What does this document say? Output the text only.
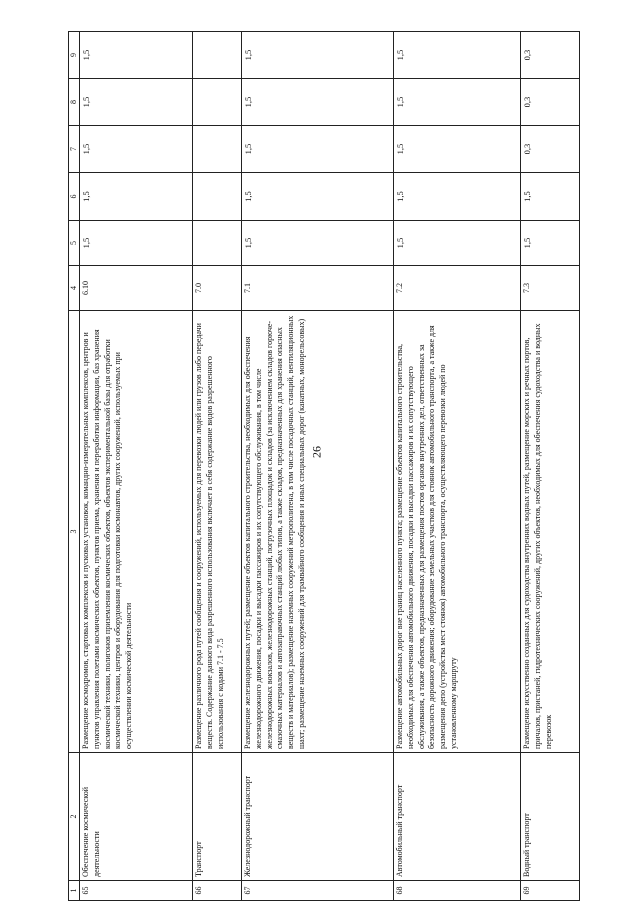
26
1	2	3	4	5	6	7	8	9
65	Обеспечение космической деятельности	Размещение космодромов, стартовых комплексов и пусковых установок, командно-измерительных комплексов, центров и пунктов управления полетами космических объектов, пунктов приема, хранения и переработки информации, баз хранения космической техники, полигонов приземления космических объектов, объектов экспериментальной базы для отработки космической техники, центров и оборудования для подготовки космонавтов, других сооружений, используемых при осуществлении космической деятельности	6.10	1,5	1,5	1,5	1,5	1,5
66	Транспорт	Размещение различного рода путей сообщения и сооружений, используемых для перевозки людей или грузов либо передачи веществ. Содержание данного вида разрешенного использования включает в себя содержание видов разрешенного использования с кодами 7.1 - 7.5	7.0					
67	Железнодорожный транспорт	Размещение железнодорожных путей; размещение объектов капитального строительства, необходимых для обеспечения железнодорожного движения, посадки и высадки пассажиров и их сопутствующего обслуживания, в том числе железнодорожных вокзалов, железнодорожных станций, погрузочных площадок и складов (за исключением складов горюче-смазочных материалов и автозаправочных станций любых типов, а также складов, предназначенных для хранения опасных веществ и материалов); размещение наземных сооружений метрополитена, в том числе посадочных станций, вентиляционных шахт; размещение наземных сооружений для трамвайного сообщения и иных специальных дорог (канатных, монорельсовых)	7.1	1,5	1,5	1,5	1,5	1,5
68	Автомобильный транспорт	Размещение автомобильных дорог вне границ населенного пункта; размещение объектов капитального строительства, необходимых для обеспечения автомобильного движения, посадки и высадки пассажиров и их сопутствующего обслуживания, а также объектов, предназначенных для размещения постов органов внутренних дел, ответственных за безопасность дорожного движения; оборудование земельных участков для стоянок автомобильного транспорта, а также для размещения депо (устройства мест стоянок) автомобильного транспорта, осуществляющего перевозки людей по установленному маршруту	7.2	1,5	1,5	1,5	1,5	1,5
69	Водный транспорт	Размещение искусственно созданных для судоходства внутренних водных путей, размещение морских и речных портов, причалов, пристаней, гидротехнических сооружений, других объектов, необходимых для обеспечения судоходства и водных перевозок	7.3	1,5	1,5	0,3	0,3	0,3
